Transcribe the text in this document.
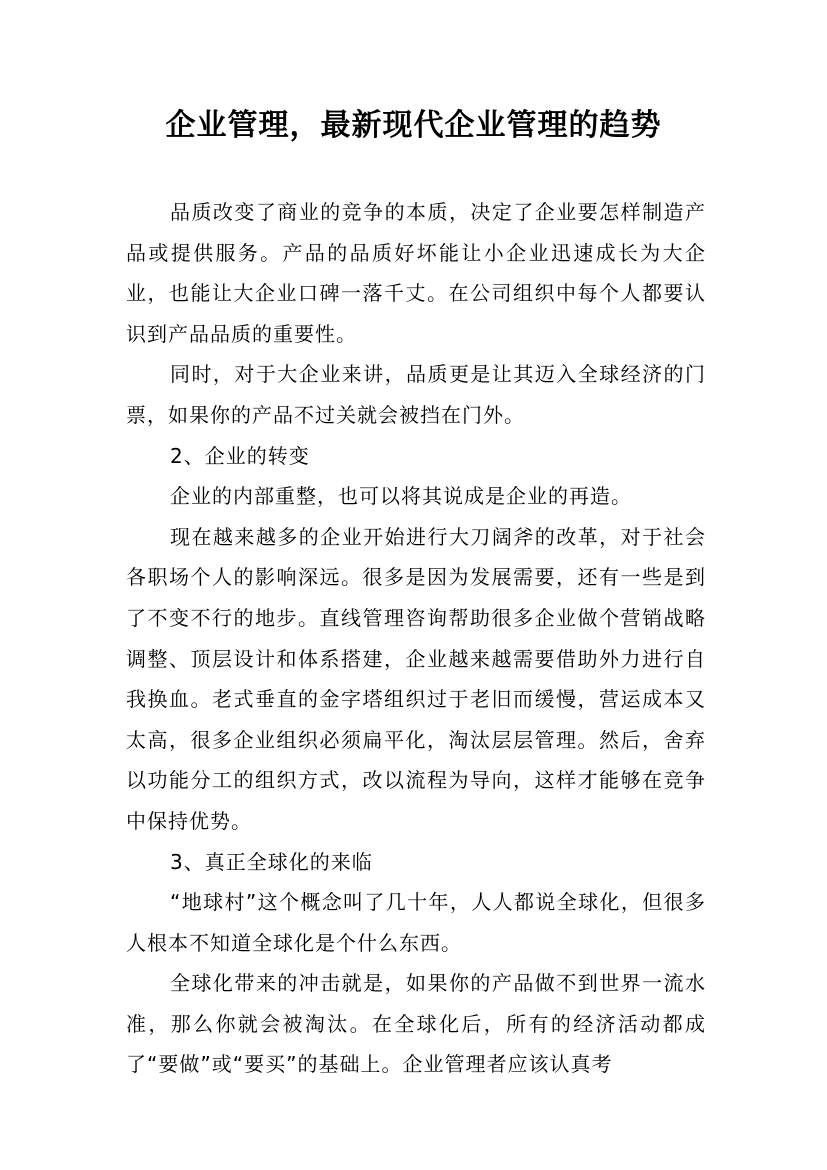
企业管理，最新现代企业管理的趋势

品质改变了商业的竞争的本质，决定了企业要怎样制造产品或提供服务。产品的品质好坏能让小企业迅速成长为大企业，也能让大企业口碑一落千丈。在公司组织中每个人都要认识到产品品质的重要性。

同时，对于大企业来讲，品质更是让其迈入全球经济的门票，如果你的产品不过关就会被挡在门外。

2、企业的转变

企业的内部重整，也可以将其说成是企业的再造。

现在越来越多的企业开始进行大刀阔斧的改革，对于社会各职场个人的影响深远。很多是因为发展需要，还有一些是到了不变不行的地步。直线管理咨询帮助很多企业做个营销战略调整、顶层设计和体系搭建，企业越来越需要借助外力进行自我换血。老式垂直的金字塔组织过于老旧而缓慢，营运成本又太高，很多企业组织必须扁平化，淘汰层层管理。然后，舍弃以功能分工的组织方式，改以流程为导向，这样才能够在竞争中保持优势。

3、真正全球化的来临

“地球村”这个概念叫了几十年，人人都说全球化，但很多人根本不知道全球化是个什么东西。

全球化带来的冲击就是，如果你的产品做不到世界一流水准，那么你就会被淘汰。在全球化后，所有的经济活动都成了“要做”或“要买”的基础上。企业管理者应该认真考
